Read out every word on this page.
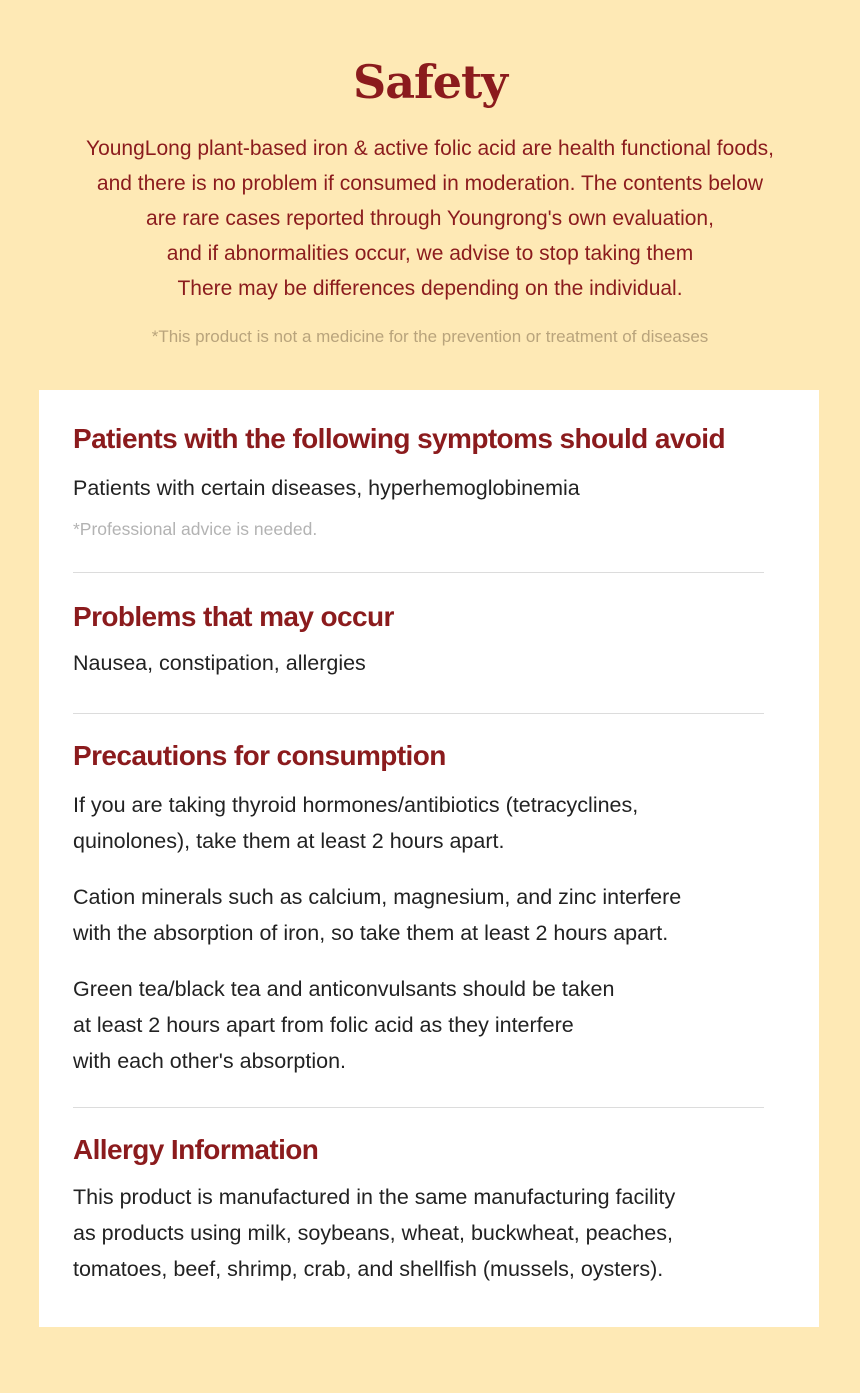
Safety
YoungLong plant-based iron & active folic acid are health functional foods,
and there is no problem if consumed in moderation. The contents below
are rare cases reported through Youngrong's own evaluation,
and if abnormalities occur, we advise to stop taking them
There may be differences depending on the individual.
*This product is not a medicine for the prevention or treatment of diseases
Patients with the following symptoms should avoid
Patients with certain diseases, hyperhemoglobinemia
*Professional advice is needed.
Problems that may occur
Nausea, constipation, allergies
Precautions for consumption
If you are taking thyroid hormones/antibiotics (tetracyclines,
quinolones), take them at least 2 hours apart.
Cation minerals such as calcium, magnesium, and zinc interfere
with the absorption of iron, so take them at least 2 hours apart.
Green tea/black tea and anticonvulsants should be taken
at least 2 hours apart from folic acid as they interfere
with each other's absorption.
Allergy Information
This product is manufactured in the same manufacturing facility
as products using milk, soybeans, wheat, buckwheat, peaches,
tomatoes, beef, shrimp, crab, and shellfish (mussels, oysters).
